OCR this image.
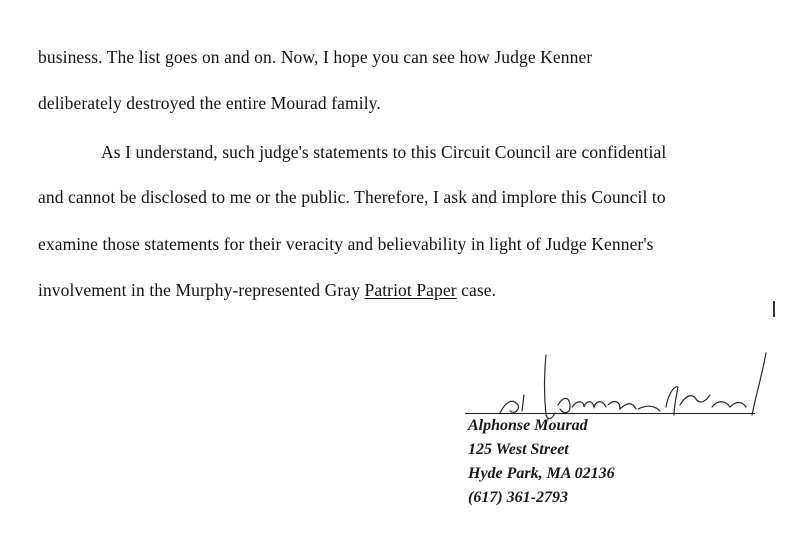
business. The list goes on and on. Now, I hope you can see how Judge Kenner
deliberately destroyed the entire Mourad family.
As I understand, such judge's statements to this Circuit Council are confidential
and cannot be disclosed to me or the public. Therefore, I ask and implore this Council to
examine those statements for their veracity and believability in light of Judge Kenner's
involvement in the Murphy-represented Gray Patriot Paper case.
Alphonse Mourad
125 West Street
Hyde Park, MA 02136
(617) 361-2793
